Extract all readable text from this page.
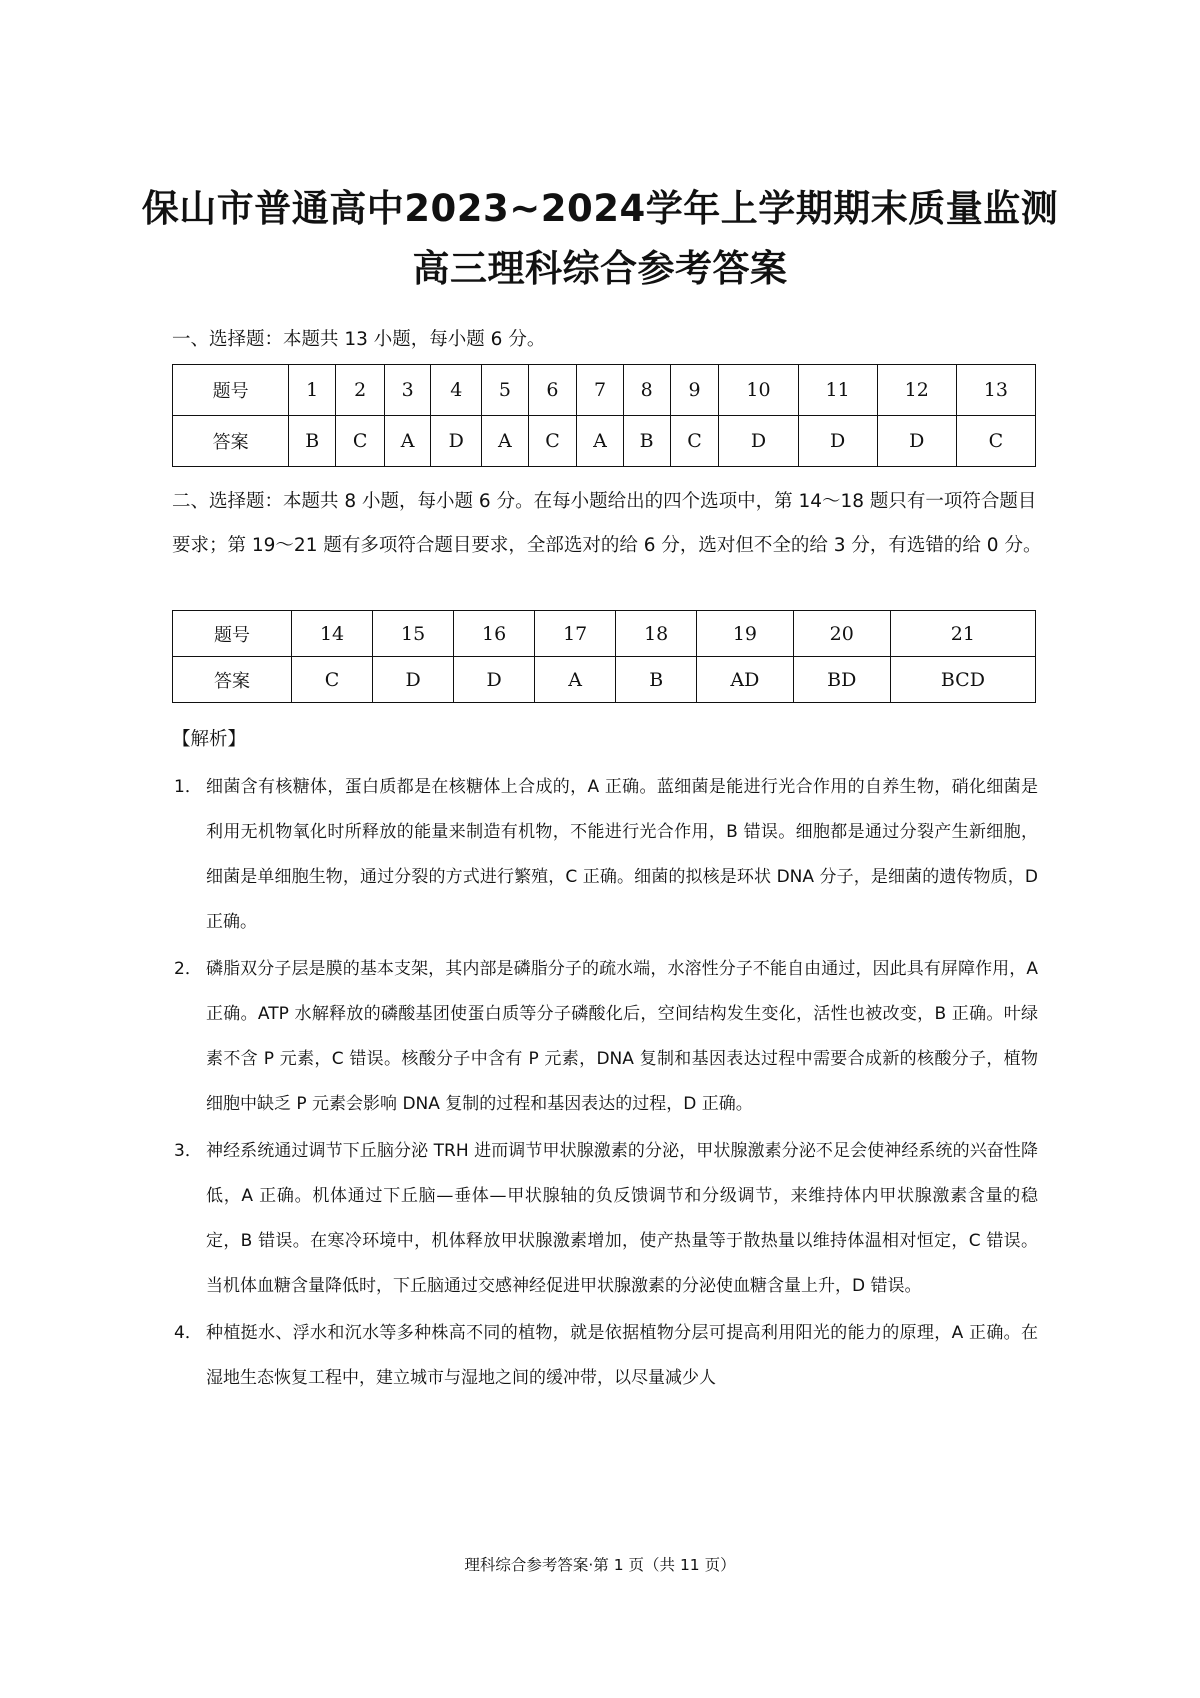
保山市普通高中2023~2024学年上学期期末质量监测
高三理科综合参考答案
一、选择题：本题共 13 小题，每小题 6 分。
题号	1	2	3	4	5	6	7	8	9	10	11	12	13
答案	B	C	A	D	A	C	A	B	C	D	D	D	C
二、选择题：本题共 8 小题，每小题 6 分。在每小题给出的四个选项中，第 14～18 题只有一项符合题目要求；第 19～21 题有多项符合题目要求，全部选对的给 6 分，选对但不全的给 3 分，有选错的给 0 分。
题号	14	15	16	17	18	19	20	21
答案	C	D	D	A	B	AD	BD	BCD
【解析】
1． 细菌含有核糖体，蛋白质都是在核糖体上合成的，A 正确。蓝细菌是能进行光合作用的自养生物，硝化细菌是利用无机物氧化时所释放的能量来制造有机物，不能进行光合作用，B 错误。细胞都是通过分裂产生新细胞，细菌是单细胞生物，通过分裂的方式进行繁殖，C 正确。细菌的拟核是环状 DNA 分子，是细菌的遗传物质，D 正确。
2． 磷脂双分子层是膜的基本支架，其内部是磷脂分子的疏水端，水溶性分子不能自由通过，因此具有屏障作用，A 正确。ATP 水解释放的磷酸基团使蛋白质等分子磷酸化后，空间结构发生变化，活性也被改变，B 正确。叶绿素不含 P 元素，C 错误。核酸分子中含有 P 元素，DNA 复制和基因表达过程中需要合成新的核酸分子，植物细胞中缺乏 P 元素会影响 DNA 复制的过程和基因表达的过程，D 正确。
3． 神经系统通过调节下丘脑分泌 TRH 进而调节甲状腺激素的分泌，甲状腺激素分泌不足会使神经系统的兴奋性降低，A 正确。机体通过下丘脑—垂体—甲状腺轴的负反馈调节和分级调节，来维持体内甲状腺激素含量的稳定，B 错误。在寒冷环境中，机体释放甲状腺激素增加，使产热量等于散热量以维持体温相对恒定，C 错误。当机体血糖含量降低时，下丘脑通过交感神经促进甲状腺激素的分泌使血糖含量上升，D 错误。
4． 种植挺水、浮水和沉水等多种株高不同的植物，就是依据植物分层可提高利用阳光的能力的原理，A 正确。在湿地生态恢复工程中，建立城市与湿地之间的缓冲带，以尽量减少人
理科综合参考答案·第 1 页（共 11 页）
